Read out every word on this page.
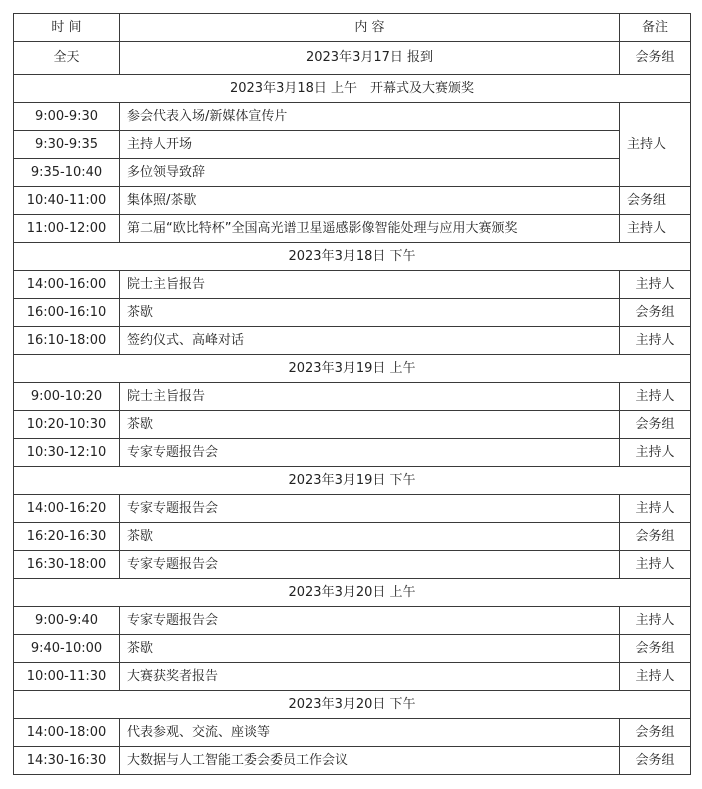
时 间	内 容	备注
全天	2023年3月17日 报到	会务组
2023年3月18日 上午　开幕式及大赛颁奖		
9:00-9:30	参会代表入场/新媒体宣传片	主持人
9:30-9:35	主持人开场	
9:35-10:40	多位领导致辞	
10:40-11:00	集体照/茶歇	会务组
11:00-12:00	第二届“欧比特杯”全国高光谱卫星遥感影像智能处理与应用大赛颁奖	主持人
2023年3月18日 下午		
14:00-16:00	院士主旨报告	主持人
16:00-16:10	茶歇	会务组
16:10-18:00	签约仪式、高峰对话	主持人
2023年3月19日 上午		
9:00-10:20	院士主旨报告	主持人
10:20-10:30	茶歇	会务组
10:30-12:10	专家专题报告会	主持人
2023年3月19日 下午		
14:00-16:20	专家专题报告会	主持人
16:20-16:30	茶歇	会务组
16:30-18:00	专家专题报告会	主持人
2023年3月20日 上午		
9:00-9:40	专家专题报告会	主持人
9:40-10:00	茶歇	会务组
10:00-11:30	大赛获奖者报告	主持人
2023年3月20日 下午		
14:00-18:00	代表参观、交流、座谈等	会务组
14:30-16:30	大数据与人工智能工委会委员工作会议	会务组
